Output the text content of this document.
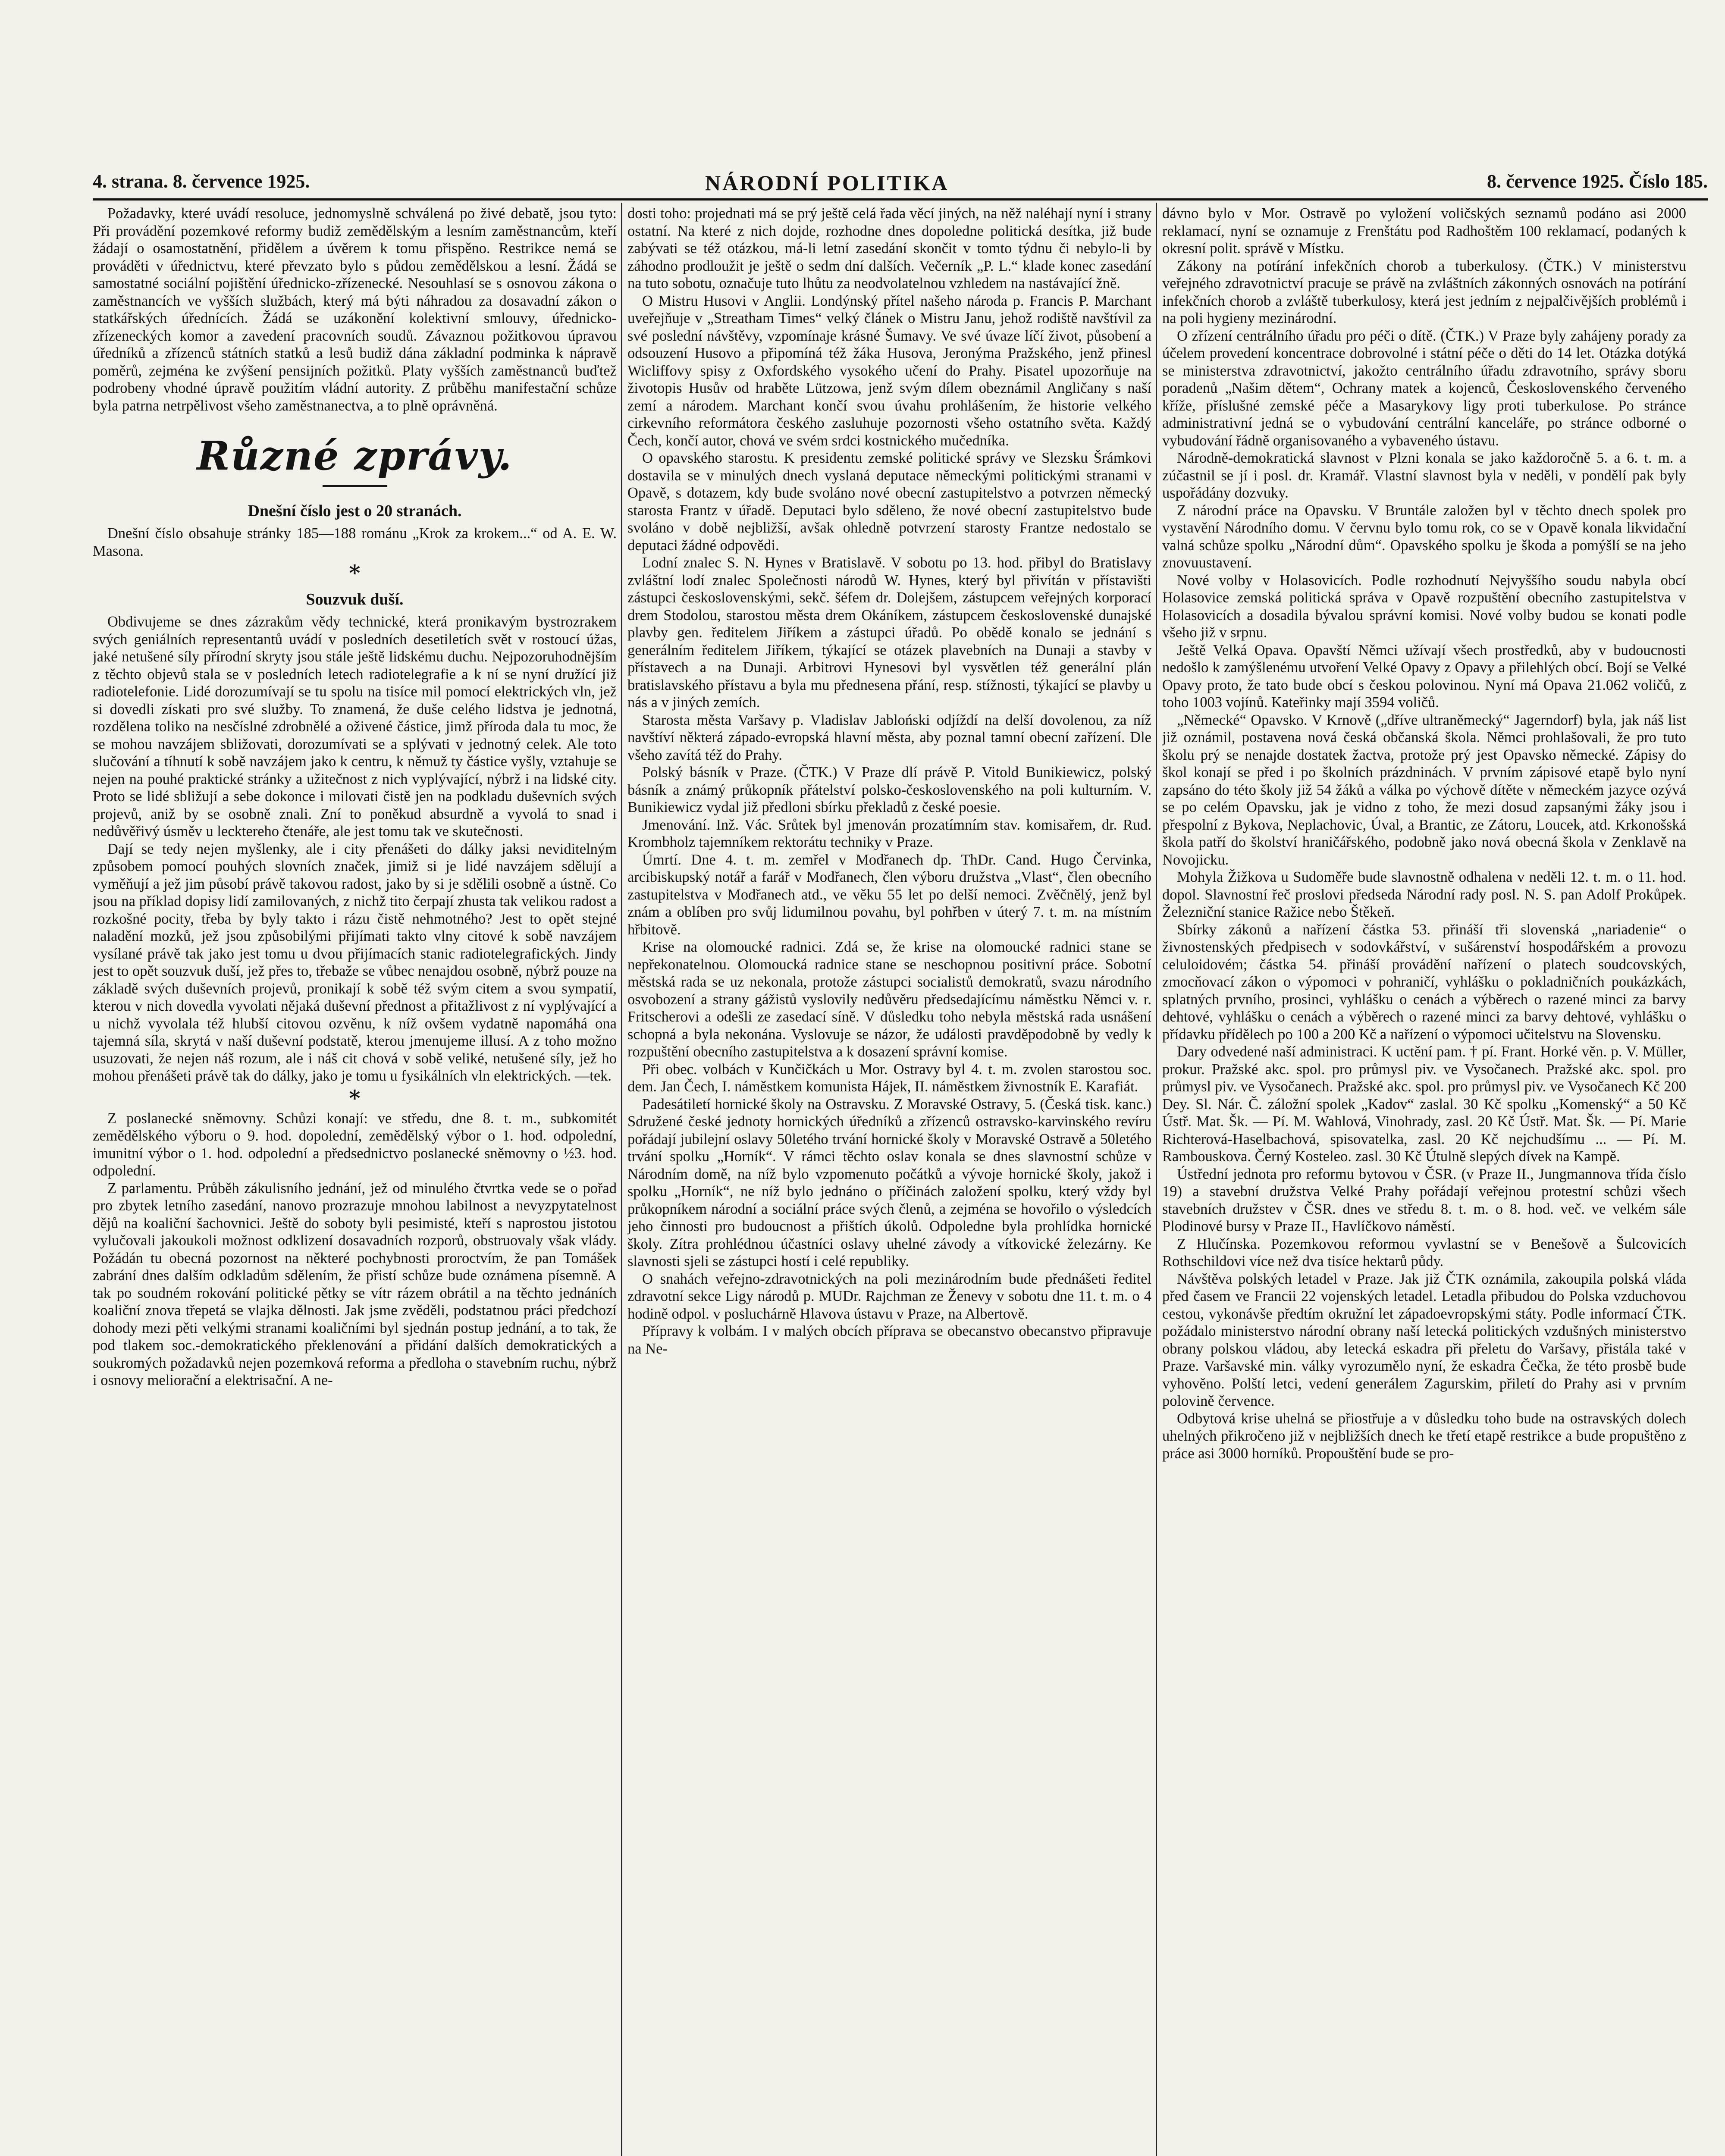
4. strana. 8. července 1925.	NÁRODNÍ POLITIKA	8. července 1925. Číslo 185.

Požadavky, které uvádí resoluce, jednomyslně schválená po živé debatě, jsou tyto: Při provádění pozemkové reformy budiž zemědělským a lesním zaměstnancům, kteří žádají o osamostatnění, přidělem a úvěrem k tomu přispěno. Restrikce nemá se prováděti v úřednictvu, které převzato bylo s půdou zemědělskou a lesní. Žádá se samostatné sociální pojištění úřednicko-zřízenecké. Nesouhlasí se s osnovou zákona o zaměstnancích ve vyšších službách, který má býti náhradou za dosavadní zákon o statkářských úřednících. Žádá se uzákonění kolektivní smlouvy, úřednicko-zřízeneckých komor a zavedení pracovních soudů. Závaznou požitkovou úpravou úředníků a zřízenců státních statků a lesů budiž dána základní podminka k nápravě poměrů, zejména ke zvýšení pensijních požitků. Platy vyšších zaměstnanců buďtež podrobeny vhodné úpravě použitím vládní autority. Z průběhu manifestační schůze byla patrna netrpělivost všeho zaměstnanectva, a to plně oprávněná.

Různé zprávy.
Dnešní číslo jest o 20 stranách.

Dnešní číslo obsahuje stránky 185—188 románu „Krok za krokem...“ od A. E. W. Masona.

*
Souzvuk duší.

Obdivujeme se dnes zázrakům vědy technické, která pronikavým bystrozrakem svých geniálních representantů uvádí v posledních desetiletích svět v rostoucí úžas, jaké netušené síly přírodní skryty jsou stále ještě lidskému duchu. Nejpozoruhodnějším z těchto objevů stala se v posledních letech radiotelegrafie a k ní se nyní družící již radiotelefonie. Lidé dorozumívají se tu spolu na tisíce mil pomocí elektrických vln, jež si dovedli získati pro své služby. To znamená, že duše celého lidstva je jednotná, rozdělena toliko na nesčíslné zdrobnělé a oživené částice, jimž příroda dala tu moc, že se mohou navzájem sbližovati, dorozumívati se a splývati v jednotný celek. Ale toto slučování a tíhnutí k sobě navzájem jako k centru, k němuž ty částice vyšly, vztahuje se nejen na pouhé praktické stránky a užitečnost z nich vyplývající, nýbrž i na lidské city. Proto se lidé sbližují a sebe dokonce i milovati čistě jen na podkladu duševních svých projevů, aniž by se osobně znali. Zní to poněkud absurdně a vyvolá to snad i nedůvěřivý úsměv u lecktereho čtenáře, ale jest tomu tak ve skutečnosti.

Dají se tedy nejen myšlenky, ale i city přenášeti do dálky jaksi neviditelným způsobem pomocí pouhých slovních značek, jimiž si je lidé navzájem sdělují a vyměňují a jež jim působí právě takovou radost, jako by si je sdělili osobně a ústně. Co jsou na příklad dopisy lidí zamilovaných, z nichž tito čerpají zhusta tak velikou radost a rozkošné pocity, třeba by byly takto i rázu čistě nehmotného? Jest to opět stejné naladění mozků, jež jsou způsobilými přijímati takto vlny citové k sobě navzájem vysílané právě tak jako jest tomu u dvou přijímacích stanic radiotelegrafických. Jindy jest to opět souzvuk duší, jež přes to, třebaže se vůbec nenajdou osobně, nýbrž pouze na základě svých duševních projevů, pronikají k sobě též svým citem a svou sympatií, kterou v nich dovedla vyvolati nějaká duševní přednost a přitažlivost z ní vyplývající a u nichž vyvolala též hlubší citovou ozvěnu, k níž ovšem vydatně napomáhá ona tajemná síla, skrytá v naší duševní podstatě, kterou jmenujeme illusí. A z toho možno usuzovati, že nejen náš rozum, ale i náš cit chová v sobě veliké, netušené síly, jež ho mohou přenášeti právě tak do dálky, jako je tomu u fysikálních vln elektrických. —tek.

*

Z poslanecké sněmovny. Schůzi konají: ve středu, dne 8. t. m., subkomitét zemědělského výboru o 9. hod. dopolední, zemědělský výbor o 1. hod. odpolední, imunitní výbor o 1. hod. odpolední a předsednictvo poslanecké sněmovny o ½3. hod. odpolední.

Z parlamentu. Průběh zákulisního jednání, jež od minulého čtvrtka vede se o pořad pro zbytek letního zasedání, nanovo prozrazuje mnohou labilnost a nevyzpytatelnost dějů na koaliční šachovnici. Ještě do soboty byli pesimisté, kteří s naprostou jistotou vylučovali jakoukoli možnost odklizení dosavadních rozporů, obstruovaly však vlády. Požádán tu obecná pozornost na některé pochybnosti proroctvím, že pan Tomášek zabrání dnes dalším odkladům sdělením, že přistí schůze bude oznámena písemně. A tak po soudném rokování politické pětky se vítr rázem obrátil a na těchto jednáních koaliční znova třepetá se vlajka dělnosti. Jak jsme zvěděli, podstatnou práci předchozí dohody mezi pěti velkými stranami koaličními byl sjednán postup jednání, a to tak, že pod tlakem soc.-demokratického překlenování a přidání dalších demokratických a soukromých požadavků nejen pozemková reforma a předloha o stavebním ruchu, nýbrž i osnovy meliorační a elektrisační. A ne-

dosti toho: projednati má se prý ještě celá řada věcí jiných, na něž naléhají nyní i strany ostatní. Na které z nich dojde, rozhodne dnes dopoledne politická desítka, již bude zabývati se též otázkou, má-li letní zasedání skončit v tomto týdnu či nebylo-li by záhodno prodloužit je ještě o sedm dní dalších. Večerník „P. L.“ klade konec zasedání na tuto sobotu, označuje tuto lhůtu za neodvolatelnou vzhledem na nastávající žně.

O Mistru Husovi v Anglii. Londýnský přítel našeho národa p. Francis P. Marchant uveřejňuje v „Streatham Times“ velký článek o Mistru Janu, jehož rodiště navštívil za své poslední návštěvy, vzpomínaje krásné Šumavy. Ve své úvaze líčí život, působení a odsouzení Husovo a připomíná též žáka Husova, Jeronýma Pražského, jenž přinesl Wicliffovy spisy z Oxfordského vysokého učení do Prahy. Pisatel upozorňuje na životopis Husův od hraběte Lützowa, jenž svým dílem obeznámil Angličany s naší zemí a národem. Marchant končí svou úvahu prohlášením, že historie velkého cirkevního reformátora českého zasluhuje pozornosti všeho ostatního světa. Každý Čech, končí autor, chová ve svém srdci kostnického mučedníka.

O opavského starostu. K presidentu zemské politické správy ve Slezsku Šrámkovi dostavila se v minulých dnech vyslaná deputace německými politickými stranami v Opavě, s dotazem, kdy bude svoláno nové obecní zastupitelstvo a potvrzen německý starosta Frantz v úřadě. Deputaci bylo sděleno, že nové obecní zastupitelstvo bude svoláno v době nejbližší, avšak ohledně potvrzení starosty Frantze nedostalo se deputaci žádné odpovědi.

Lodní znalec S. N. Hynes v Bratislavě. V sobotu po 13. hod. přibyl do Bratislavy zvláštní lodí znalec Společnosti národů W. Hynes, který byl přivítán v přístavišti zástupci československými, sekč. šéfem dr. Dolejšem, zástupcem veřejných korporací drem Stodolou, starostou města drem Okáníkem, zástupcem československé dunajské plavby gen. ředitelem Jiříkem a zástupci úřadů. Po obědě konalo se jednání s generálním ředitelem Jiříkem, týkající se otázek plavebních na Dunaji a stavby v přístavech a na Dunaji. Arbitrovi Hynesovi byl vysvětlen též generální plán bratislavského přístavu a byla mu přednesena přání, resp. stížnosti, týkající se plavby u nás a v jiných zemích.

Starosta města Varšavy p. Vladislav Jabloński odjíždí na delší dovolenou, za níž navštíví některá západo-evropská hlavní města, aby poznal tamní obecní zařízení. Dle všeho zavítá též do Prahy.

Polský básník v Praze. (ČTK.) V Praze dlí právě P. Vitold Bunikiewicz, polský básník a známý průkopník přátelství polsko-československého na poli kulturním. V. Bunikiewicz vydal již předloni sbírku překladů z české poesie.

Jmenování. Inž. Vác. Srůtek byl jmenován prozatímním stav. komisařem, dr. Rud. Krombholz tajemníkem rektorátu techniky v Praze.

Úmrtí. Dne 4. t. m. zemřel v Modřanech dp. ThDr. Cand. Hugo Červinka, arcibiskupský notář a farář v Modřanech, člen výboru družstva „Vlast“, člen obecního zastupitelstva v Modřanech atd., ve věku 55 let po delší nemoci. Zvěčnělý, jenž byl znám a oblíben pro svůj lidumilnou povahu, byl pohřben v úterý 7. t. m. na místním hřbitově.

Krise na olomoucké radnici. Zdá se, že krise na olomoucké radnici stane se nepřekonatelnou. Olomoucká radnice stane se neschopnou positivní práce. Sobotní městská rada se uz nekonala, protože zástupci socialistů demokratů, svazu národního osvobození a strany gážistů vyslovily nedůvěru předsedajícímu náměstku Němci v. r. Fritscherovi a odešli ze zasedací síně. V důsledku toho nebyla městská rada usnášení schopná a byla nekonána. Vyslovuje se názor, že události pravděpodobně by vedly k rozpuštění obecního zastupitelstva a k dosazení správní komise.

Při obec. volbách v Kunčičkách u Mor. Ostravy byl 4. t. m. zvolen starostou soc. dem. Jan Čech, I. náměstkem komunista Hájek, II. náměstkem živnostník E. Karafiát.

Padesátiletí hornické školy na Ostravsku. Z Moravské Ostravy, 5. (Česká tisk. kanc.) Sdružené české jednoty hornických úředníků a zřízenců ostravsko-karvinského revíru pořádají jubilejní oslavy 50letého trvání hornické školy v Moravské Ostravě a 50letého trvání spolku „Horník“. V rámci těchto oslav konala se dnes slavnostní schůze v Národním domě, na níž bylo vzpomenuto počátků a vývoje hornické školy, jakož i spolku „Horník“, ne níž bylo jednáno o příčinách založení spolku, který vždy byl průkopníkem národní a sociální práce svých členů, a zejména se hovořilo o výsledcích jeho činnosti pro budoucnost a přištích úkolů. Odpoledne byla prohlídka hornické školy. Zítra prohlédnou účastníci oslavy uhelné závody a vítkovické železárny. Ke slavnosti sjeli se zástupci hostí i celé republiky.

O snahách veřejno-zdravotnických na poli mezinárodním bude přednášeti ředitel zdravotní sekce Ligy národů p. MUDr. Rajchman ze Ženevy v sobotu dne 11. t. m. o 4 hodině odpol. v posluchárně Hlavova ústavu v Praze, na Albertově.

Přípravy k volbám. I v malých obcích příprava se obecanstvo obecanstvo připravuje na Ne-

dávno bylo v Mor. Ostravě po vyložení voličských seznamů podáno asi 2000 reklamací, nyní se oznamuje z Frenštátu pod Radhoštěm 100 reklamací, podaných k okresní polit. správě v Místku.

Zákony na potírání infekčních chorob a tuberkulosy. (ČTK.) V ministerstvu veřejného zdravotnictví pracuje se právě na zvláštních zákonných osnovách na potírání infekčních chorob a zvláště tuberkulosy, která jest jedním z nejpalčivějších problémů i na poli hygieny mezinárodní.

O zřízení centrálního úřadu pro péči o dítě. (ČTK.) V Praze byly zahájeny porady za účelem provedení koncentrace dobrovolné i státní péče o děti do 14 let. Otázka dotýká se ministerstva zdravotnictví, jakožto centrálního úřadu zdravotního, správy sboru poradenů „Našim dětem“, Ochrany matek a kojenců, Československého červeného kříže, příslušné zemské péče a Masarykovy ligy proti tuberkulose. Po stránce administrativní jedná se o vybudování centrální kanceláře, po stránce odborné o vybudování řádně organisovaného a vybaveného ústavu.

Národně-demokratická slavnost v Plzni konala se jako každoročně 5. a 6. t. m. a zúčastnil se jí i posl. dr. Kramář. Vlastní slavnost byla v neděli, v pondělí pak byly uspořádány dozvuky.

Z národní práce na Opavsku. V Bruntále založen byl v těchto dnech spolek pro vystavění Národního domu. V červnu bylo tomu rok, co se v Opavě konala likvidační valná schůze spolku „Národní dům“. Opavského spolku je škoda a pomýšlí se na jeho znovuustavení.

Nové volby v Holasovicích. Podle rozhodnutí Nejvyššího soudu nabyla obcí Holasovice zemská politická správa v Opavě rozpuštění obecního zastupitelstva v Holasovicích a dosadila bývalou správní komisi. Nové volby budou se konati podle všeho již v srpnu.

Ještě Velká Opava. Opavští Němci užívají všech prostředků, aby v budoucnosti nedošlo k zamýšlenému utvoření Velké Opavy z Opavy a přilehlých obcí. Bojí se Velké Opavy proto, že tato bude obcí s českou polovinou. Nyní má Opava 21.062 voličů, z toho 1003 vojínů. Kateřinky mají 3594 voličů.

„Německé“ Opavsko. V Krnově („dříve ultraněmecký“ Jagerndorf) byla, jak náš list již oznámil, postavena nová česká občanská škola. Němci prohlašovali, že pro tuto školu prý se nenajde dostatek žactva, protože prý jest Opavsko německé. Zápisy do škol konají se před i po školních prázdninách. V prvním zápisové etapě bylo nyní zapsáno do této školy již 54 žáků a válka po výchově dítěte v německém jazyce ozývá se po celém Opavsku, jak je vidno z toho, že mezi dosud zapsanými žáky jsou i přespolní z Bykova, Neplachovic, Úval, a Brantic, ze Zátoru, Loucek, atd. Krkonošská škola patří do školství hraničářského, podobně jako nová obecná škola v Zenklavě na Novojicku.

Mohyla Žižkova u Sudoměře bude slavnostně odhalena v neděli 12. t. m. o 11. hod. dopol. Slavnostní řeč proslovi předseda Národní rady posl. N. S. pan Adolf Prokůpek. Železniční stanice Ražice nebo Štěkeň.

Sbírky zákonů a nařízení částka 53. přináší tři slovenská „nariadenie“ o živnostenských předpisech v sodovkářství, v sušárenství hospodářském a provozu celuloidovém; částka 54. přináší provádění nařízení o platech soudcovských, zmocňovací zákon o výpomoci v pohraničí, vyhlášku o pokladničních poukázkách, splatných prvního, prosinci, vyhlášku o cenách a výběrech o razené minci za barvy dehtové, vyhlášku o cenách a výběrech o razené minci za barvy dehtové, vyhlášku o přídavku přídělech po 100 a 200 Kč a nařízení o výpomoci učitelstvu na Slovensku.

Dary odvedené naší administraci. K uctění pam. † pí. Frant. Horké věn. p. V. Müller, prokur. Pražské akc. spol. pro průmysl piv. ve Vysočanech. Pražské akc. spol. pro průmysl piv. ve Vysočanech. Pražské akc. spol. pro průmysl piv. ve Vysočanech Kč 200 Dey. Sl. Nár. Č. záložní spolek „Kadov“ zaslal. 30 Kč spolku „Komenský“ a 50 Kč Ústř. Mat. Šk. — Pí. M. Wahlová, Vinohrady, zasl. 20 Kč Ústř. Mat. Šk. — Pí. Marie Richterová-Haselbachová, spisovatelka, zasl. 20 Kč nejchudšímu ... — Pí. M. Rambouskova. Černý Kosteleo. zasl. 30 Kč Útulně slepých dívek na Kampě.

Ústřední jednota pro reformu bytovou v ČSR. (v Praze II., Jungmannova třída číslo 19) a stavební družstva Velké Prahy pořádají veřejnou protestní schůzi všech stavebních družstev v ČSR. dnes ve středu 8. t. m. o 8. hod. več. ve velkém sále Plodinové bursy v Praze II., Havlíčkovo náměstí.

Z Hlučínska. Pozemkovou reformou vyvlastní se v Benešově a Šulcovicích Rothschildovi více než dva tisíce hektarů půdy.

Návštěva polských letadel v Praze. Jak již ČTK oznámila, zakoupila polská vláda před časem ve Francii 22 vojenských letadel. Letadla přibudou do Polska vzduchovou cestou, vykonávše předtím okružní let západoevropskými státy. Podle informací ČTK. požádalo ministerstvo národní obrany naší letecká politických vzdušných ministerstvo obrany polskou vládou, aby letecká eskadra při přeletu do Varšavy, přistála také v Praze. Varšavské min. války vyrozumělo nyní, že eskadra Čečka, že této prosbě bude vyhověno. Polští letci, vedení generálem Zagurskim, přiletí do Prahy asi v prvním polovině července.

Odbytová krise uhelná se přiostřuje a v důsledku toho bude na ostravských dolech uhelných přikročeno již v nejbližších dnech ke třetí etapě restrikce a bude propuštěno z práce asi 3000 horníků. Propouštění bude se pro-
